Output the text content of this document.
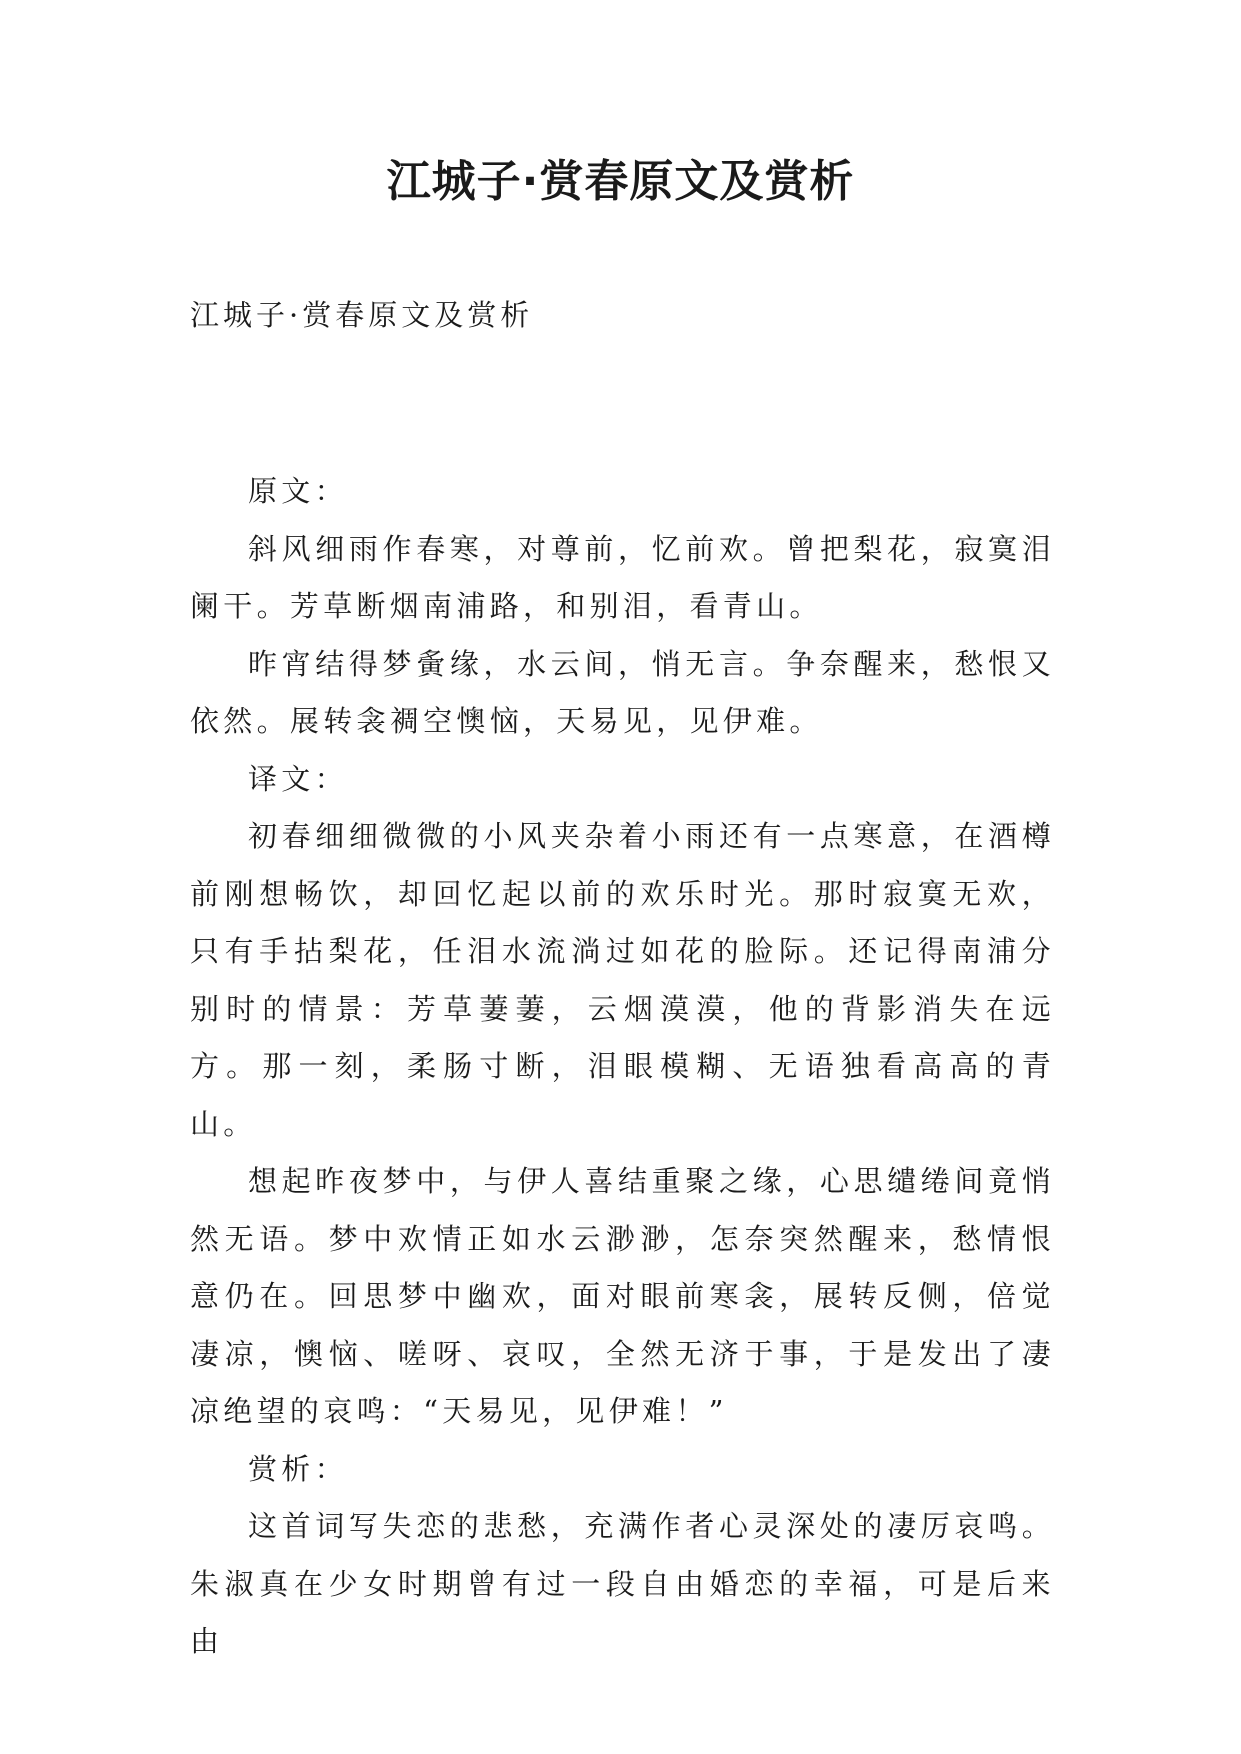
江城子·赏春原文及赏析
江城子·赏春原文及赏析

原文：

斜风细雨作春寒，对尊前，忆前欢。曾把梨花，寂寞泪阑干。芳草断烟南浦路，和别泪，看青山。

昨宵结得梦夤缘，水云间，悄无言。争奈醒来，愁恨又依然。展转衾裯空懊恼，天易见，见伊难。

译文：

初春细细微微的小风夹杂着小雨还有一点寒意，在酒樽前刚想畅饮，却回忆起以前的欢乐时光。那时寂寞无欢，只有手拈梨花，任泪水流淌过如花的脸际。还记得南浦分别时的情景：芳草萋萋，云烟漠漠，他的背影消失在远方。那一刻，柔肠寸断，泪眼模糊、无语独看高高的青山。

想起昨夜梦中，与伊人喜结重聚之缘，心思缱绻间竟悄然无语。梦中欢情正如水云渺渺，怎奈突然醒来，愁情恨意仍在。回思梦中幽欢，面对眼前寒衾，展转反侧，倍觉凄凉，懊恼、嗟呀、哀叹，全然无济于事，于是发出了凄凉绝望的哀鸣：“天易见，见伊难！”

赏析：

这首词写失恋的悲愁，充满作者心灵深处的凄厉哀鸣。朱淑真在少女时期曾有过一段自由婚恋的幸福，可是后来由
